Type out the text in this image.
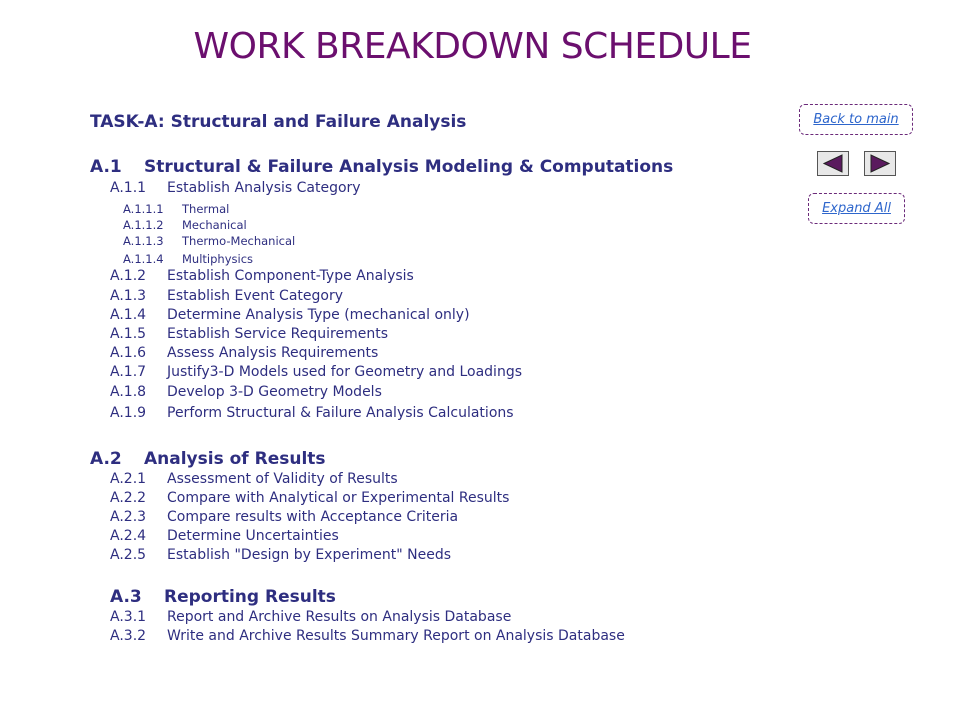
WORK BREAKDOWN SCHEDULE
TASK-A: Structural and Failure Analysis
A.1 Structural & Failure Analysis Modeling & Computations
A.1.1 Establish Analysis Category
A.1.1.1 Thermal
A.1.1.2 Mechanical
A.1.1.3 Thermo-Mechanical
A.1.1.4 Multiphysics
A.1.2 Establish Component-Type Analysis
A.1.3 Establish Event Category
A.1.4 Determine Analysis Type (mechanical only)
A.1.5 Establish Service Requirements
A.1.6 Assess Analysis Requirements
A.1.7 Justify3-D Models used for Geometry and Loadings
A.1.8 Develop 3-D Geometry Models
A.1.9 Perform Structural & Failure Analysis Calculations
A.2 Analysis of Results
A.2.1 Assessment of Validity of Results
A.2.2 Compare with Analytical or Experimental Results
A.2.3 Compare results with Acceptance Criteria
A.2.4 Determine Uncertainties
A.2.5 Establish "Design by Experiment" Needs
A.3 Reporting Results
A.3.1 Report and Archive Results on Analysis Database
A.3.2 Write and Archive Results Summary Report on Analysis Database
Back to main
Expand All
